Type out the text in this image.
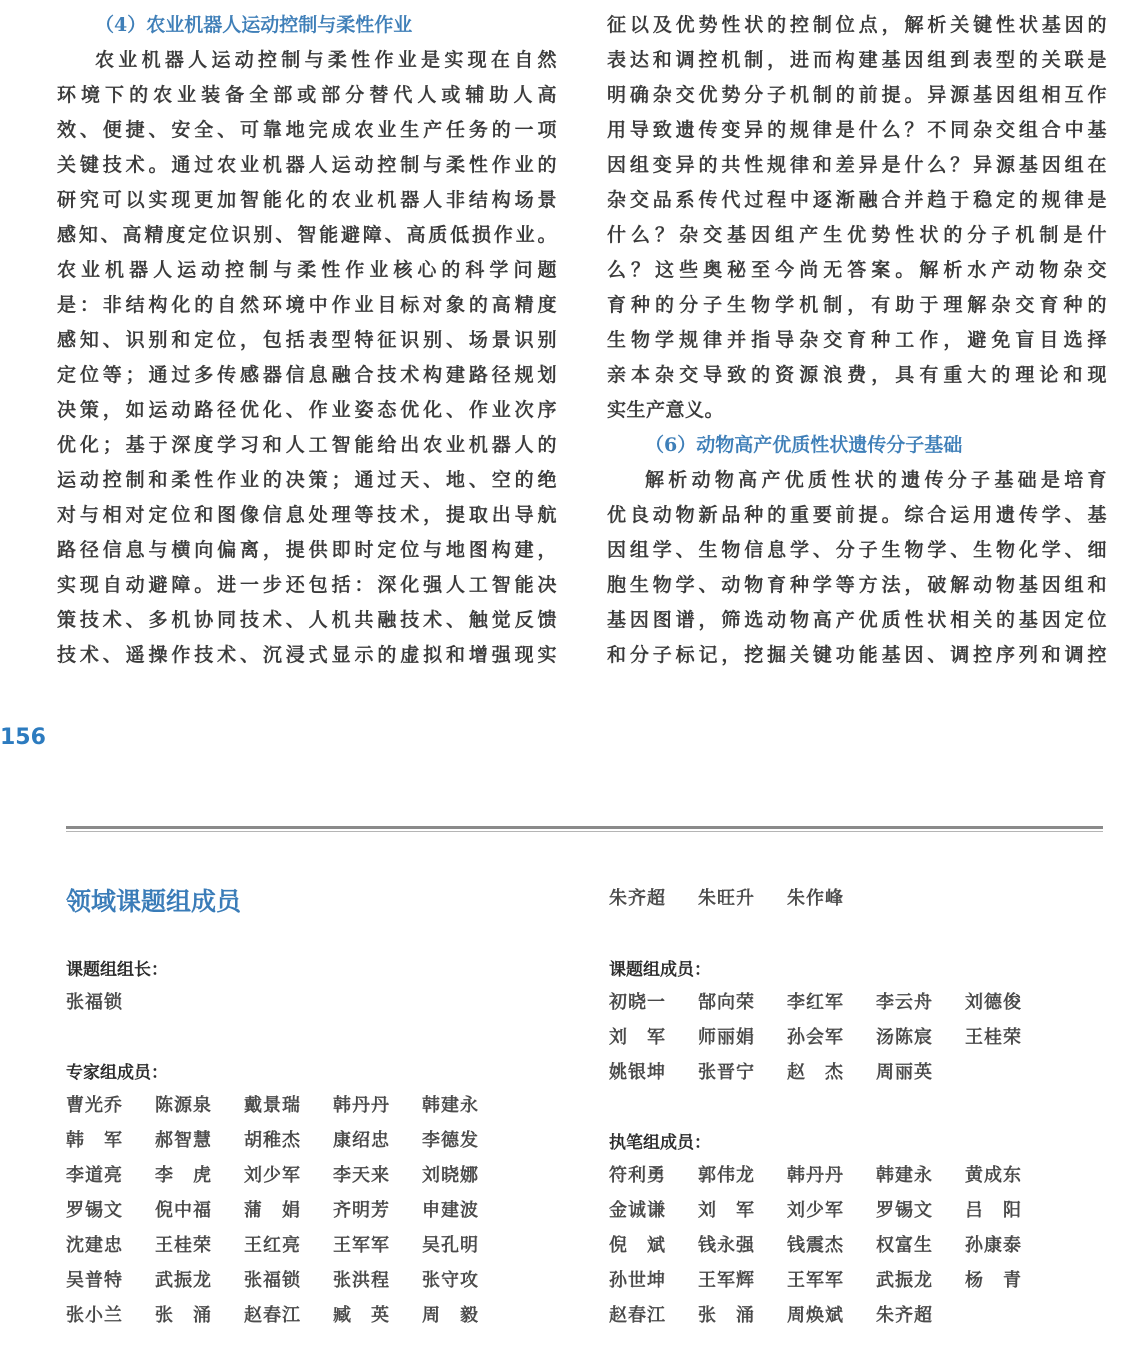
（4）农业机器人运动控制与柔性作业
农业机器人运动控制与柔性作业是实现在自然
环境下的农业装备全部或部分替代人或辅助人高
效、便捷、安全、可靠地完成农业生产任务的一项
关键技术。通过农业机器人运动控制与柔性作业的
研究可以实现更加智能化的农业机器人非结构场景
感知、高精度定位识别、智能避障、高质低损作业。
农业机器人运动控制与柔性作业核心的科学问题
是：非结构化的自然环境中作业目标对象的高精度
感知、识别和定位，包括表型特征识别、场景识别
定位等；通过多传感器信息融合技术构建路径规划
决策，如运动路径优化、作业姿态优化、作业次序
优化；基于深度学习和人工智能给出农业机器人的
运动控制和柔性作业的决策；通过天、地、空的绝
对与相对定位和图像信息处理等技术，提取出导航
路径信息与横向偏离，提供即时定位与地图构建，
实现自动避障。进一步还包括：深化强人工智能决
策技术、多机协同技术、人机共融技术、触觉反馈
技术、遥操作技术、沉浸式显示的虚拟和增强现实
征以及优势性状的控制位点，解析关键性状基因的
表达和调控机制，进而构建基因组到表型的关联是
明确杂交优势分子机制的前提。异源基因组相互作
用导致遗传变异的规律是什么？不同杂交组合中基
因组变异的共性规律和差异是什么？异源基因组在
杂交品系传代过程中逐渐融合并趋于稳定的规律是
什么？杂交基因组产生优势性状的分子机制是什
么？这些奥秘至今尚无答案。解析水产动物杂交
育种的分子生物学机制，有助于理解杂交育种的
生物学规律并指导杂交育种工作，避免盲目选择
亲本杂交导致的资源浪费，具有重大的理论和现
实生产意义。
（6）动物高产优质性状遗传分子基础
解析动物高产优质性状的遗传分子基础是培育
优良动物新品种的重要前提。综合运用遗传学、基
因组学、生物信息学、分子生物学、生物化学、细
胞生物学、动物育种学等方法，破解动物基因组和
基因图谱，筛选动物高产优质性状相关的基因定位
和分子标记，挖掘关键功能基因、调控序列和调控
156
领域课题组成员
课题组组长：
张福锁
专家组成员：
曹光乔	陈源泉	戴景瑞	韩丹丹	韩建永
韩　军	郝智慧	胡稚杰	康绍忠	李德发
李道亮	李　虎	刘少军	李天来	刘晓娜
罗锡文	倪中福	蒲　娟	齐明芳	申建波
沈建忠	王桂荣	王红亮	王军军	吴孔明
吴普特	武振龙	张福锁	张洪程	张守攻
张小兰	张　涌	赵春江	臧　英	周　毅
朱齐超	朱旺升	朱作峰
课题组成员：
初晓一	郜向荣	李红军	李云舟	刘德俊
刘　军	师丽娟	孙会军	汤陈宸	王桂荣
姚银坤	张晋宁	赵　杰	周丽英
执笔组成员：
符利勇	郭伟龙	韩丹丹	韩建永	黄成东
金诚谦	刘　军	刘少军	罗锡文	吕　阳
倪　斌	钱永强	钱震杰	权富生	孙康泰
孙世坤	王军辉	王军军	武振龙	杨　青
赵春江	张　涌	周焕斌	朱齐超
